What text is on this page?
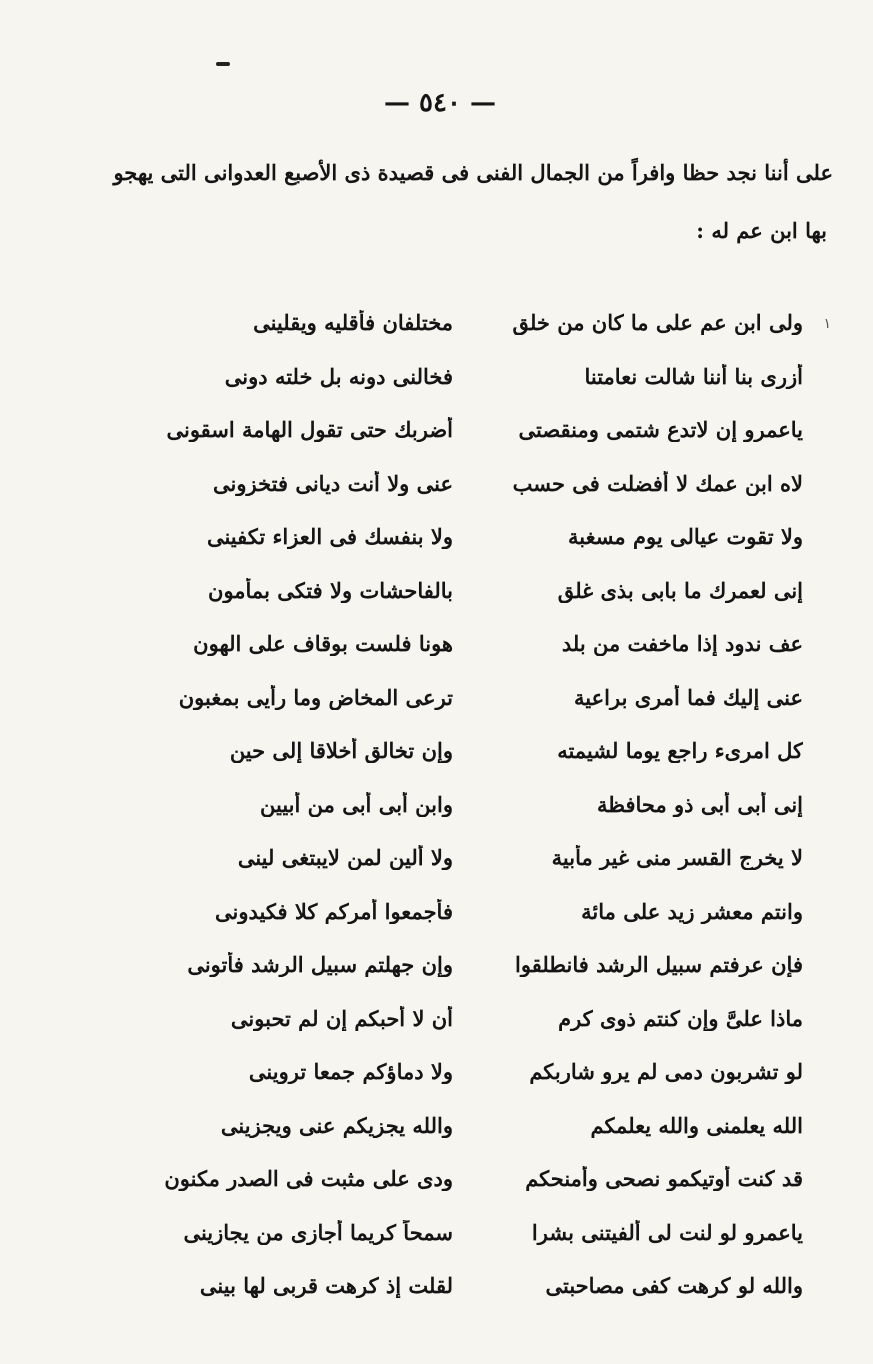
— ٥٤٠ —
على أننا نجد حظا وافراً من الجمال الفنى فى قصيدة ذى الأصبع العدوانى التى يهجو
بها ابن عم له :
١
ولى ابن عم على ما كان من خلق
مختلفان فأقليه ويقلينى
أزرى بنا أننا شالت نعامتنا
فخالنى دونه بل خلته دونى
ياعمرو إن لاتدع شتمى ومنقصتى
أضربك حتى تقول الهامة اسقونى
لاه ابن عمك لا أفضلت فى حسب
عنى ولا أنت ديانى فتخزونى
ولا تقوت عيالى يوم مسغبة
ولا بنفسك فى العزاء تكفينى
إنى لعمرك ما بابى بذى غلق
بالفاحشات ولا فتكى بمأمون
عف ندود إذا ماخفت من بلد
هونا فلست بوقاف على الهون
عنى إليك فما أمرى براعية
ترعى المخاض وما رأيى بمغبون
كل امرىء راجع يوما لشيمته
وإن تخالق أخلاقا إلى حين
إنى أبى أبى ذو محافظة
وابن أبى أبى من أبيين
لا يخرج القسر منى غير مأبية
ولا ألين لمن لايبتغى لينى
وانتم معشر زيد على مائة
فأجمعوا أمركم كلا فكيدونى
فإن عرفتم سبيل الرشد فانطلقوا
وإن جهلتم سبيل الرشد فأتونى
ماذا علىَّ وإن كنتم ذوى كرم
أن لا أحبكم إن لم تحبونى
لو تشربون دمى لم يرو شاربكم
ولا دماؤكم جمعا تروينى
الله يعلمنى والله يعلمكم
والله يجزيكم عنى ويجزينى
قد كنت أوتيكمو نصحى وأمنحكم
ودى على مثبت فى الصدر مكنون
ياعمرو لو لنت لى ألفيتنى بشرا
سمحاً كريما أجازى من يجازينى
والله لو كرهت كفى مصاحبتى
لقلت إذ كرهت قربى لها بينى
